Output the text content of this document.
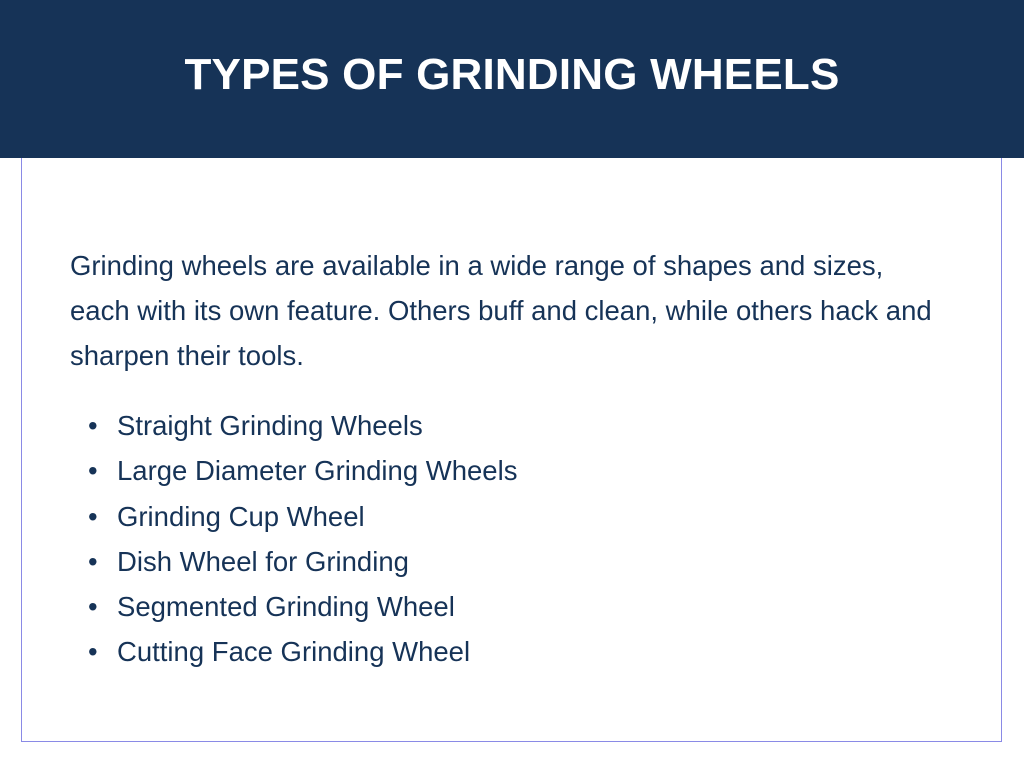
TYPES OF GRINDING WHEELS

Grinding wheels are available in a wide range of shapes and sizes, each with its own feature. Others buff and clean, while others hack and sharpen their tools.

• Straight Grinding Wheels
• Large Diameter Grinding Wheels
• Grinding Cup Wheel
• Dish Wheel for Grinding
• Segmented Grinding Wheel
• Cutting Face Grinding Wheel
